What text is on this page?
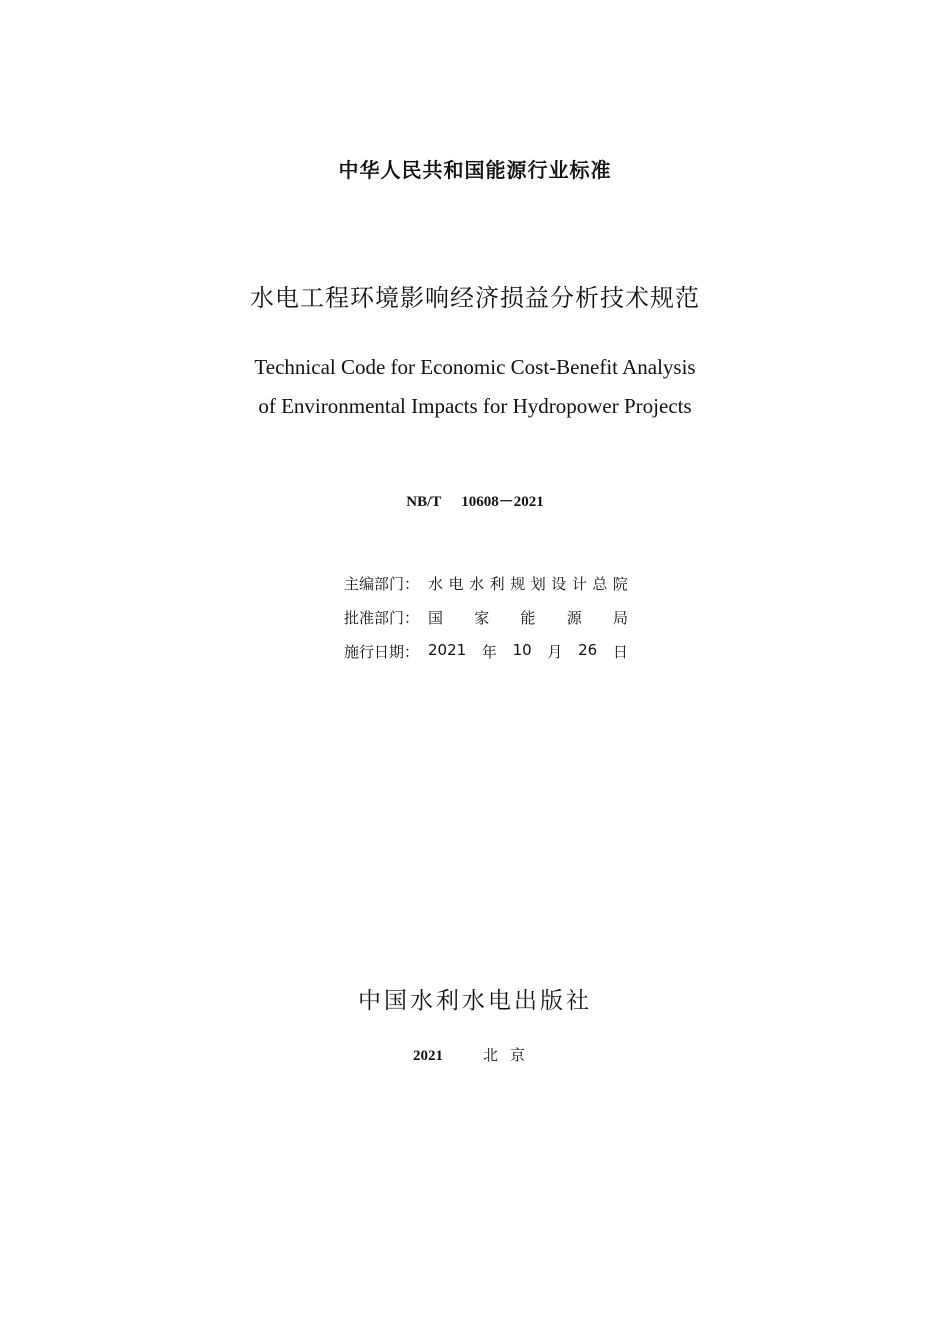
中华人民共和国能源行业标准
水电工程环境影响经济损益分析技术规范
Technical Code for Economic Cost-Benefit Analysis
of Environmental Impacts for Hydropower Projects
NB/T 10608－2021
主编部门： 水 电 水 利 规 划 设 计 总 院
批准部门： 国 家 能 源 局
施行日期： 2021 年 10 月 26 日
中国水利水电出版社
2021	北京
